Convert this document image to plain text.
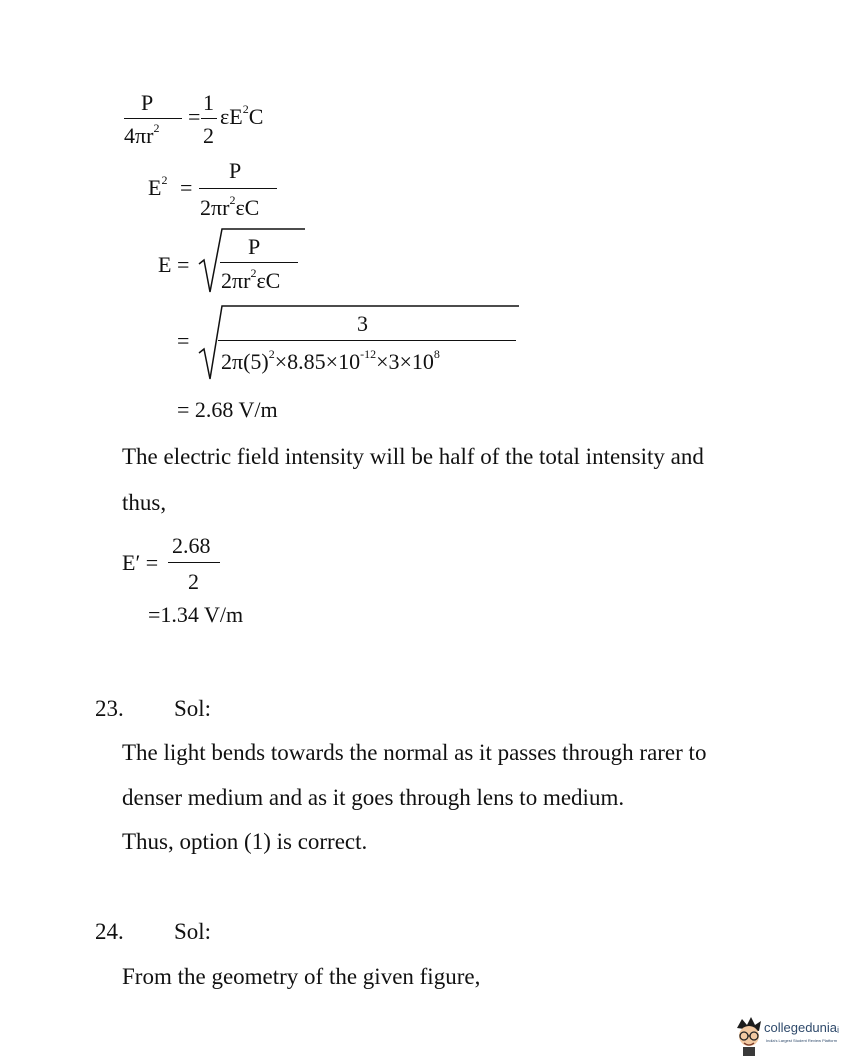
P
$4\pi r^2$ =
1
2
$\varepsilon E^2C$
$E^2$ =
P
$2\pi r^2\varepsilon C$
E =
P
$2\pi r^2\varepsilon C$
=
3
$2\pi(5)^2\times 8.85\times 10^{-12}\times 3\times 10^8$
= 2.68 V/m
The electric field intensity will be half of the total intensity and
thus,
E′ =
2.68
2
=1.34 V/m
23. Sol:
The light bends towards the normal as it passes through rarer to
denser medium and as it goes through lens to medium.
Thus, option (1) is correct.
24. Sol:
From the geometry of the given figure,
collegeduniaᵢ
India's Largest Student Review Platform
